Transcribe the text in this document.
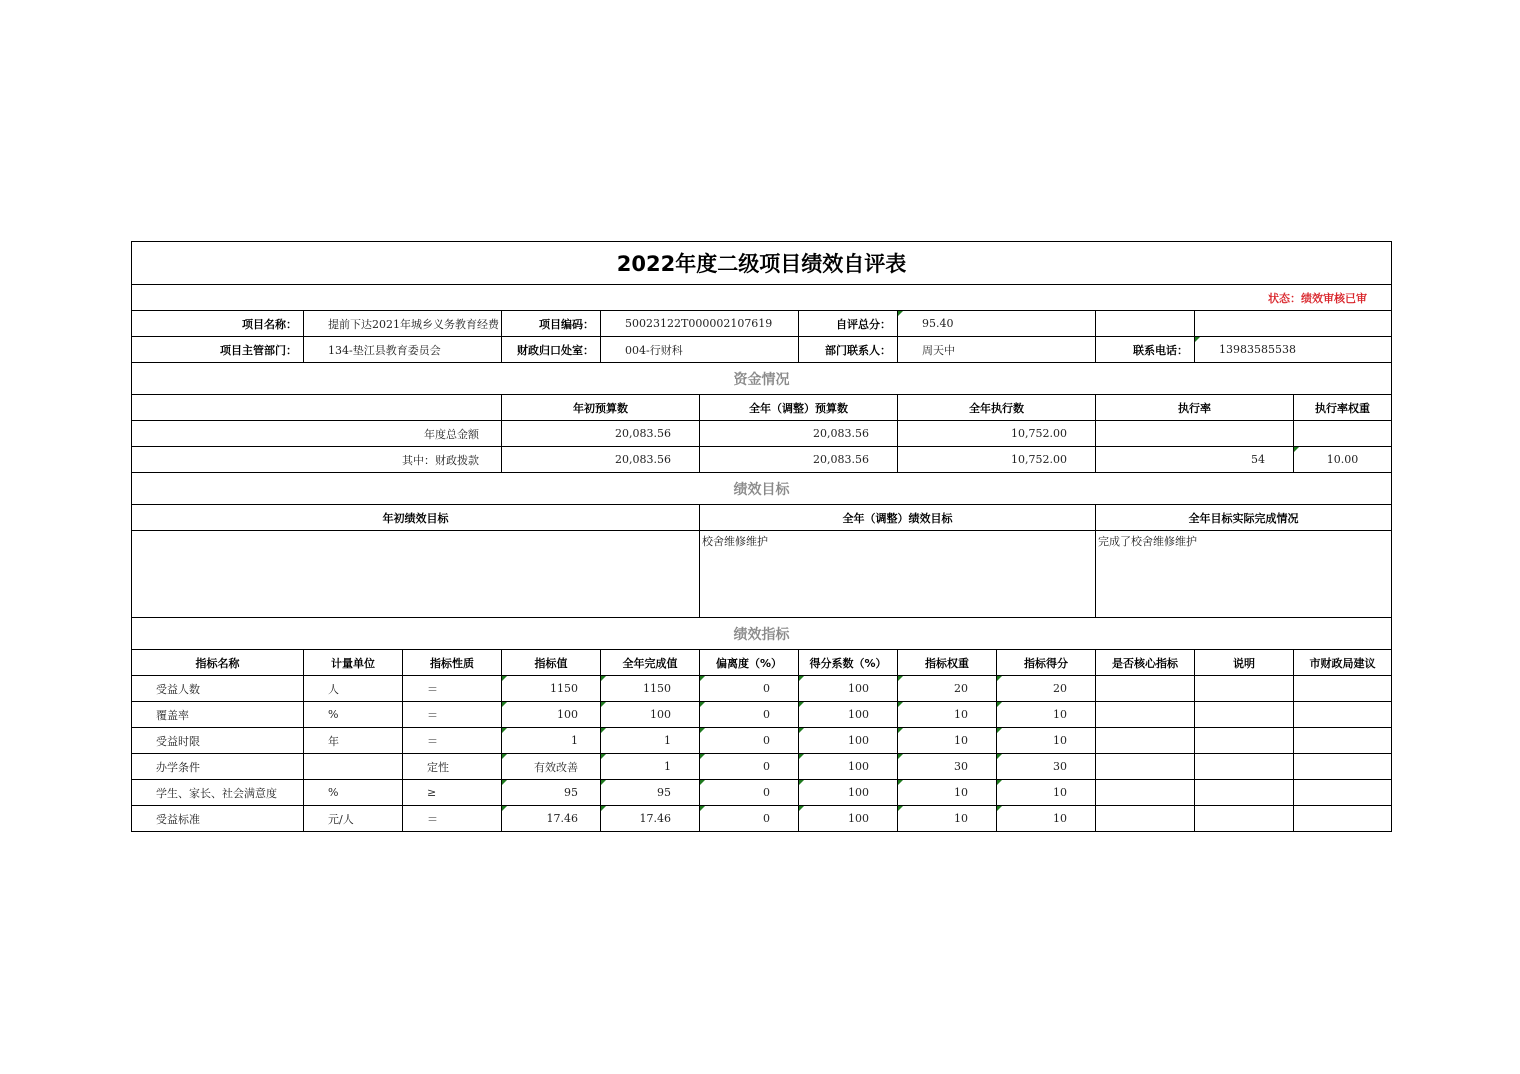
2022年度二级项目绩效自评表												
状态：绩效审核已审												
项目名称：	提前下达2021年城乡义务教育经费		项目编码：	50023122T000002107619		自评总分：	95.40					
项目主管部门：	134-垫江县教育委员会		财政归口处室：	004-行财科		部门联系人：	周天中		联系电话：	13983585538		
资金情况												
			年初预算数		全年（调整）预算数		全年执行数		执行率		执行率权重	
年度总金额			20,083.56		20,083.56		10,752.00					
其中：财政拨款			20,083.56		20,083.56		10,752.00		54		10.00	
绩效目标												
年初绩效目标					全年（调整）绩效目标				全年目标实际完成情况			
					校舍维修维护				完成了校舍维修维护			
绩效指标												
指标名称	计量单位	指标性质	指标值	全年完成值	偏离度（%）	得分系数（%）	指标权重	指标得分	是否核心指标	说明	市财政局建议	
受益人数	人	＝	1150	1150	0	100	20	20				
覆盖率	%	＝	100	100	0	100	10	10				
受益时限	年	＝	1	1	0	100	10	10				
办学条件		定性	有效改善	1	0	100	30	30				
学生、家长、社会满意度	%	≥	95	95	0	100	10	10				
受益标准	元/人	＝	17.46	17.46	0	100	10	10				
